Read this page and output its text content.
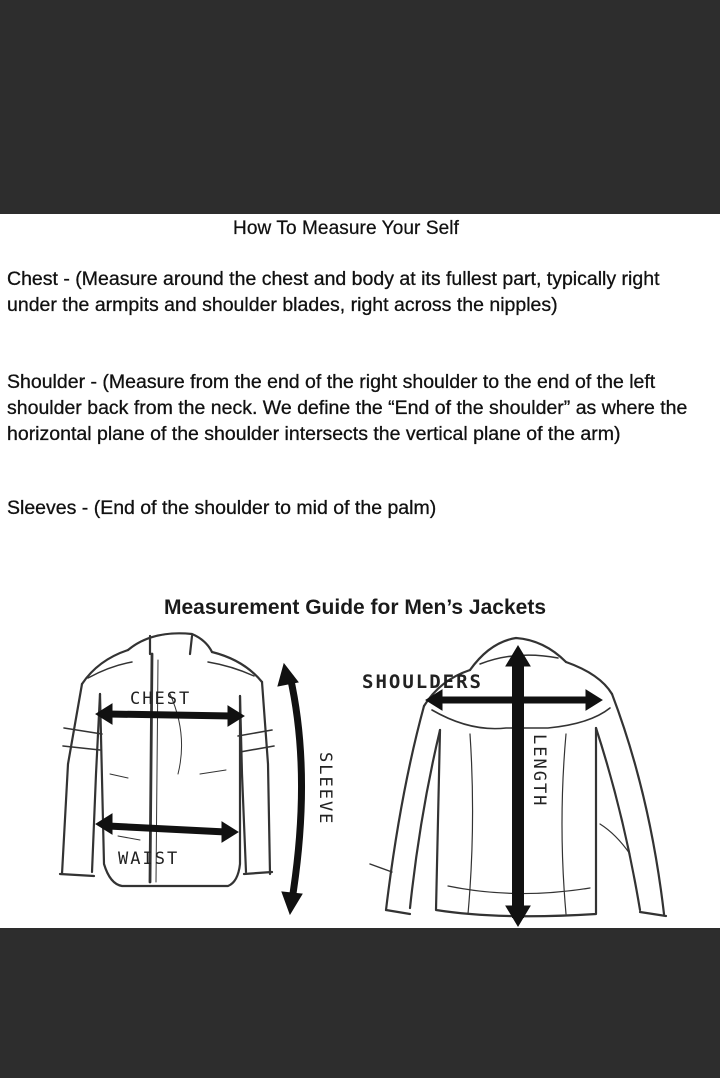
How To Measure Your Self

Chest - (Measure around the chest and body at its fullest part, typically right under the armpits and shoulder blades, right across the nipples)

Shoulder - (Measure from the end of the right shoulder to the end of the left shoulder back from the neck. We define the “End of the shoulder” as where the horizontal plane of the shoulder intersects the vertical plane of the arm)

Sleeves - (End of the shoulder to mid of the palm)

Measurement Guide for Men’s Jackets
CHEST
WAIST
SLEEVE
SHOULDERS
LENGTH
